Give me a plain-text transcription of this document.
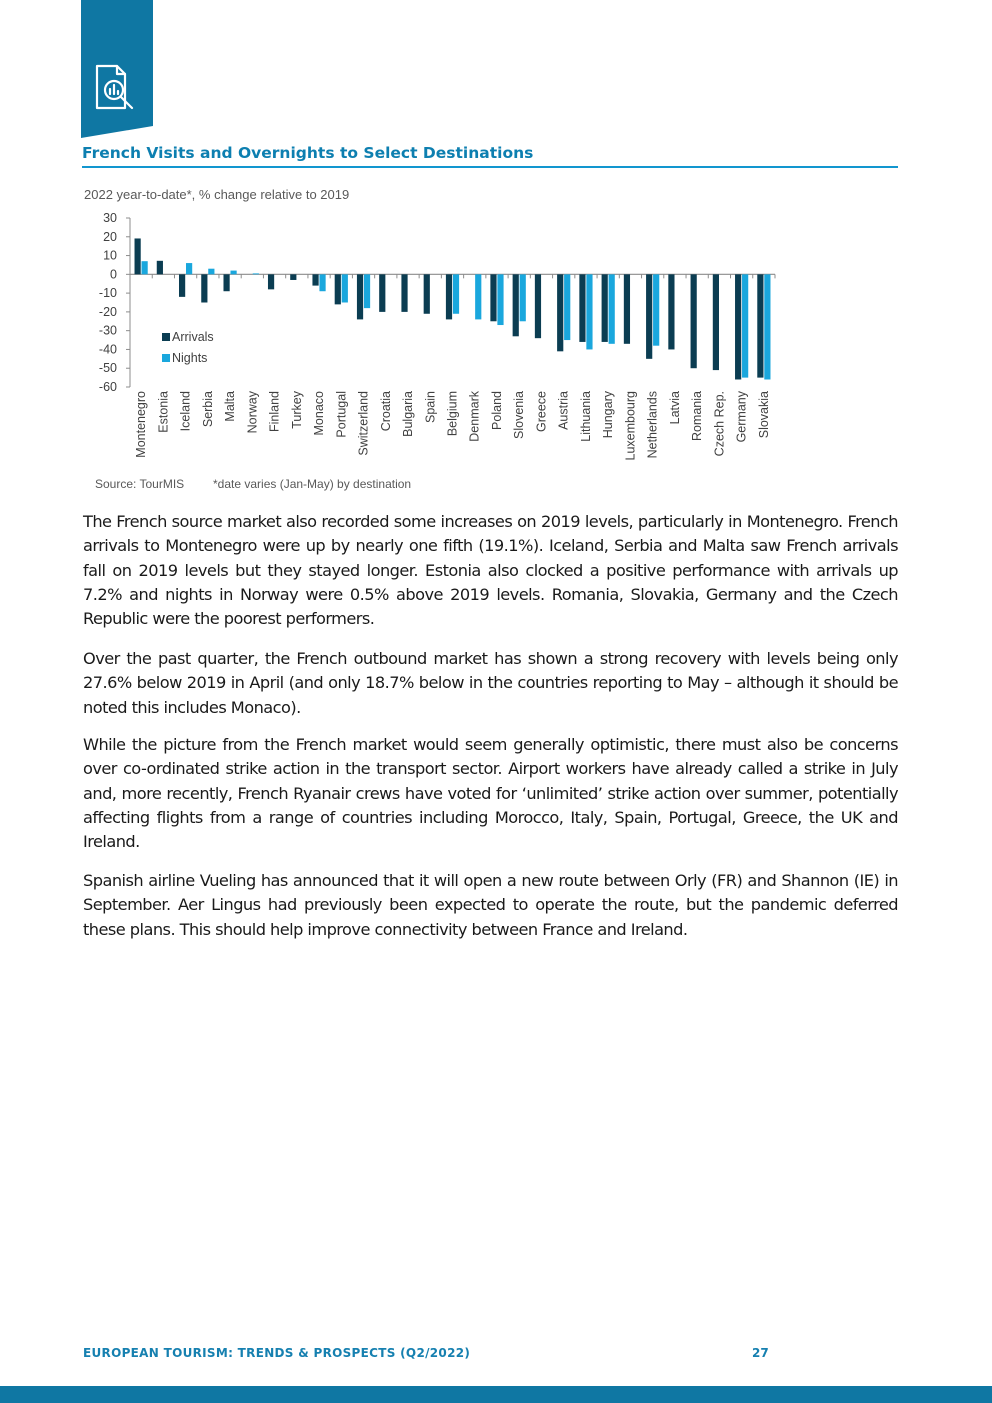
French Visits and Overnights to Select Destinations
2022 year-to-date*, % change relative to 2019
30
20
10
0
-10
-20
-30
-40
-50
-60
Montenegro Estonia Iceland Serbia Malta Norway Finland Turkey Monaco Portugal Switzerland Croatia Bulgaria Spain Belgium Denmark Poland Slovenia Greece Austria Lithuania Hungary Luxembourg Netherlands Latvia Romania Czech Rep. Germany Slovakia
Arrivals
Nights
Source: TourMIS *date varies (Jan-May) by destination

The French source market also recorded some increases on 2019 levels, particularly in Montenegro. French arrivals to Montenegro were up by nearly one fifth (19.1%). Iceland, Serbia and Malta saw French arrivals fall on 2019 levels but they stayed longer. Estonia also clocked a positive performance with arrivals up 7.2% and nights in Norway were 0.5% above 2019 levels. Romania, Slovakia, Germany and the Czech Republic were the poorest performers.

Over the past quarter, the French outbound market has shown a strong recovery with levels being only 27.6% below 2019 in April (and only 18.7% below in the countries reporting to May – although it should be noted this includes Monaco).

While the picture from the French market would seem generally optimistic, there must also be concerns over co-ordinated strike action in the transport sector. Airport workers have already called a strike in July and, more recently, French Ryanair crews have voted for ‘unlimited’ strike action over summer, potentially affecting flights from a range of countries including Morocco, Italy, Spain, Portugal, Greece, the UK and Ireland.

Spanish airline Vueling has announced that it will open a new route between Orly (FR) and Shannon (IE) in September. Aer Lingus had previously been expected to operate the route, but the pandemic deferred these plans. This should help improve connectivity between France and Ireland.

EUROPEAN TOURISM: TRENDS & PROSPECTS (Q2/2022)	27
